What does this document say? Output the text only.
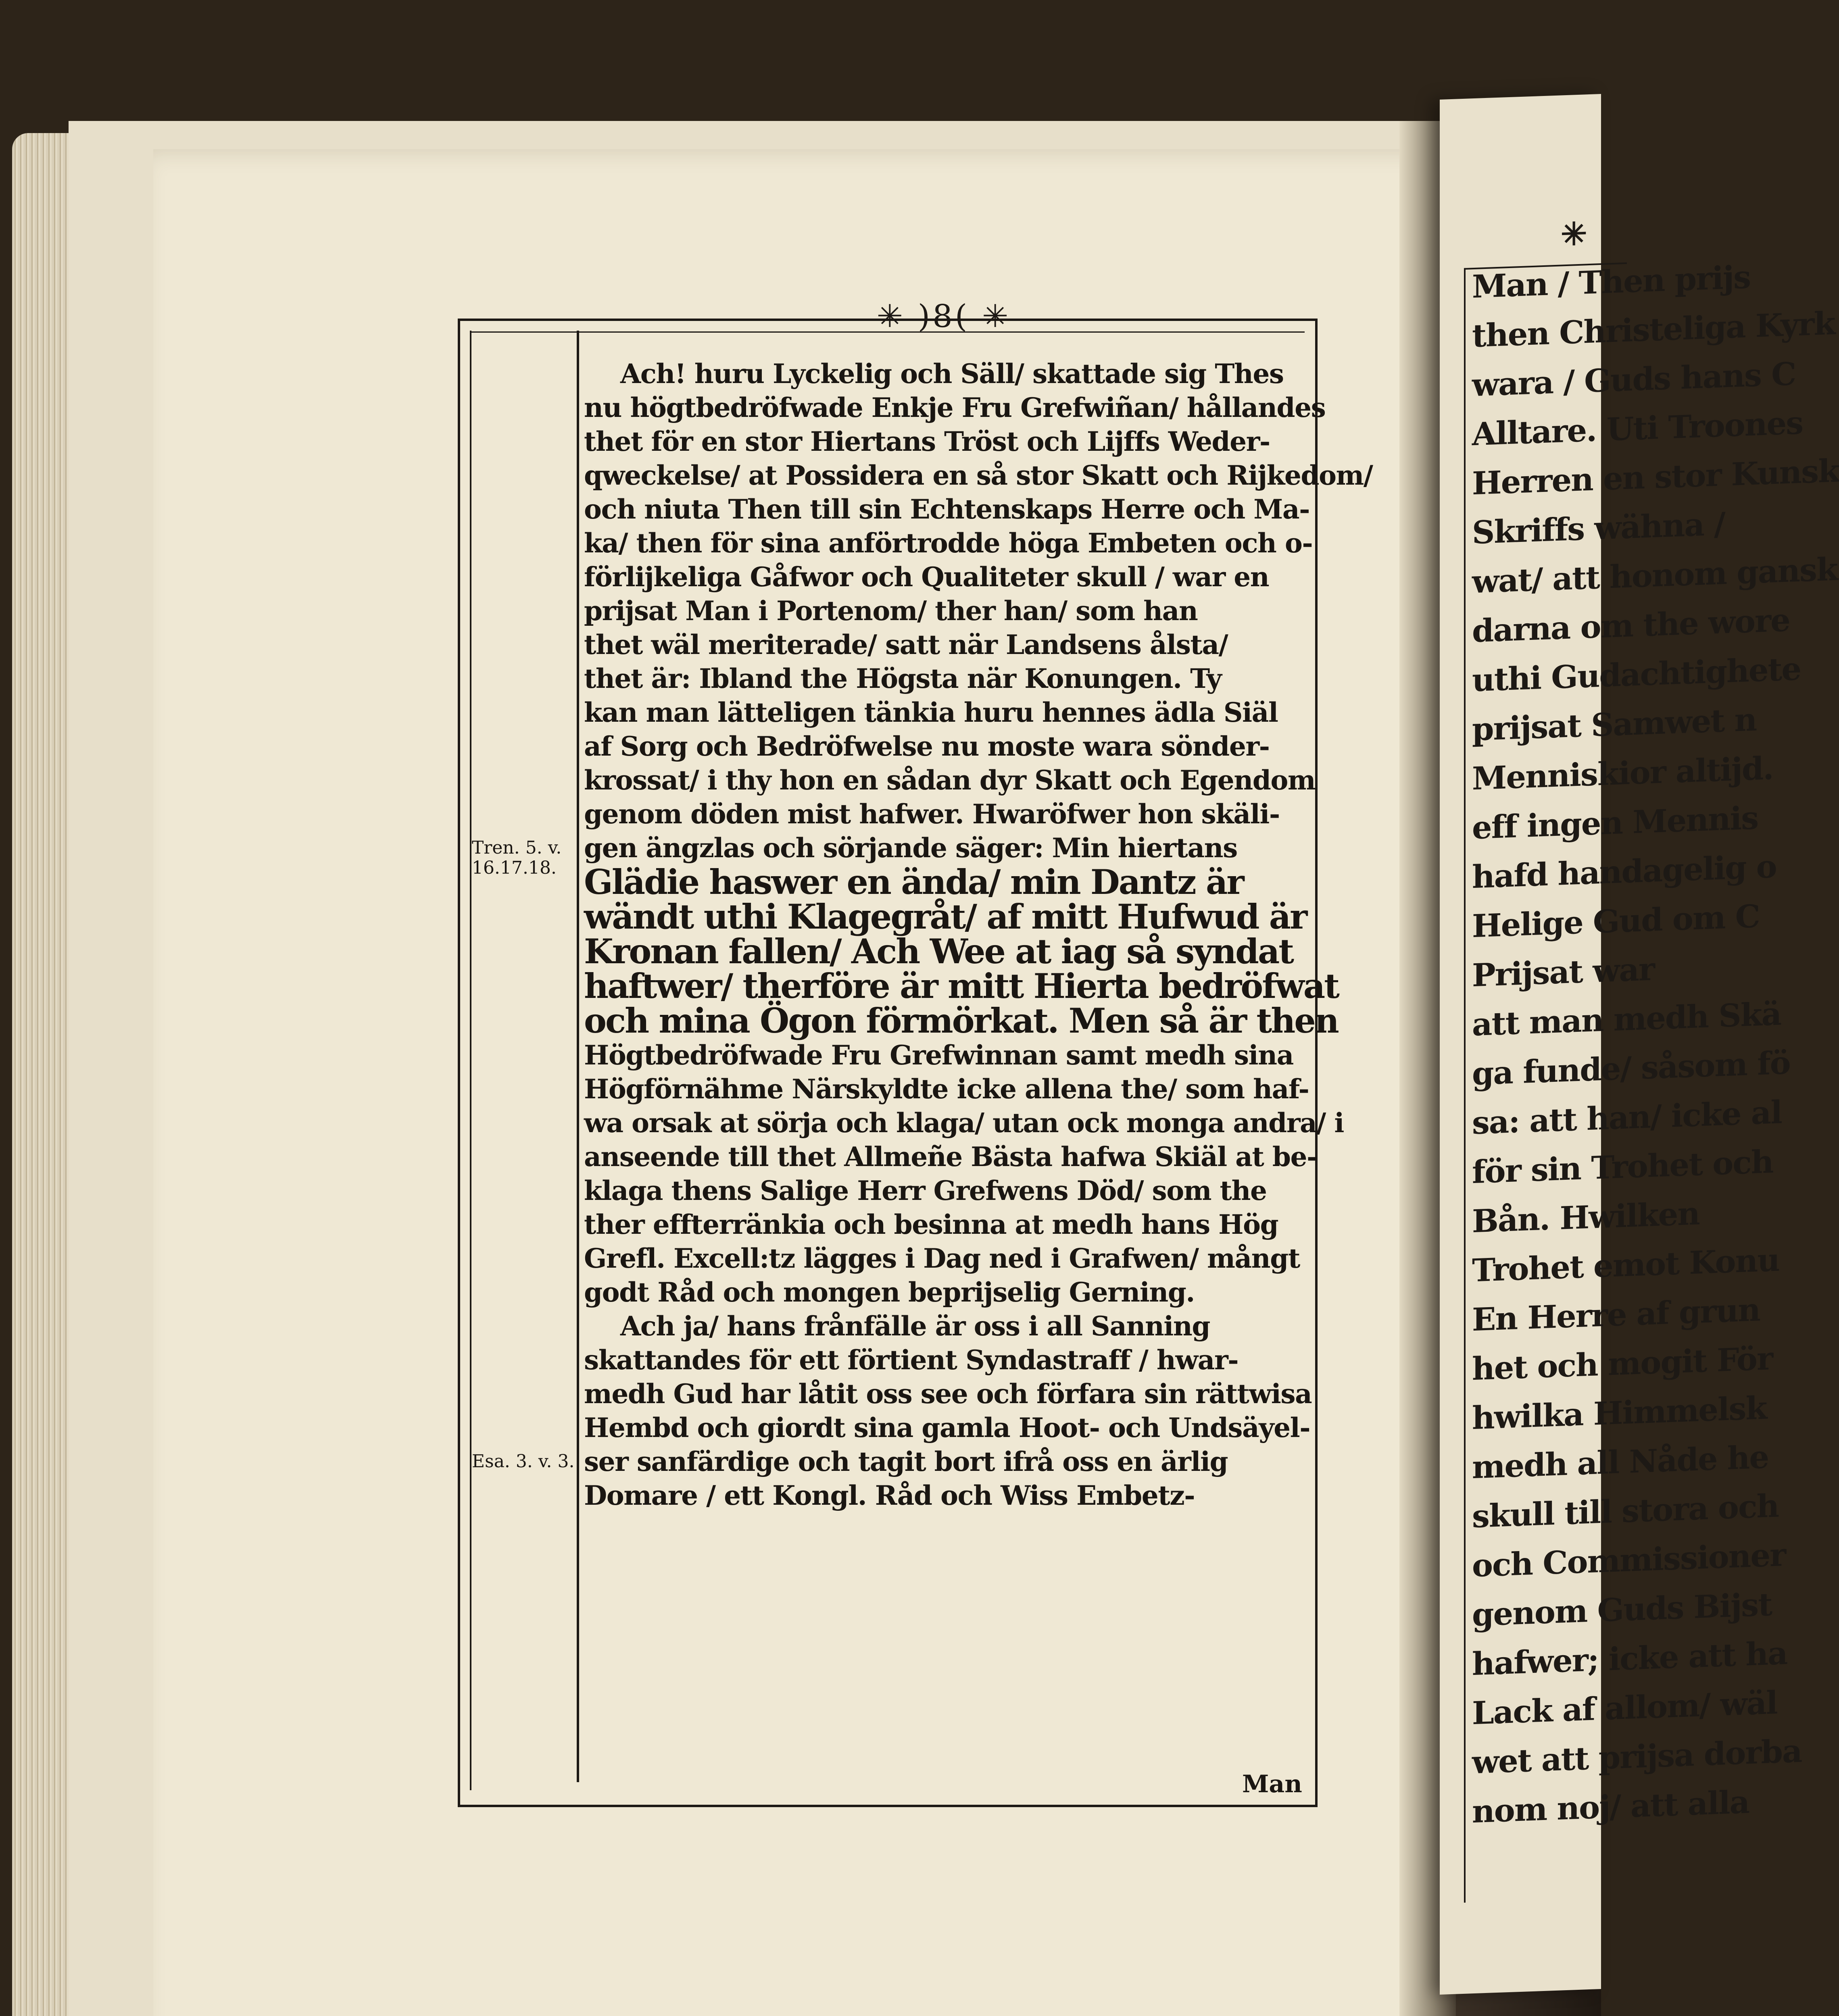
✳
Man / Then prijs
then Christeliga Kyrk
wara / Guds hans C
Alltare. Uti Troones
Herren en stor Kunsk
Skriffs wähna /
wat/ att honom gansk
darna om the wore
uthi Gudachtighete
prijsat Samwet n
Menniskior altijd.
eff ingen Mennis
hafd handagelig o
Helige Gud om C
Prijsat war
att man medh Skä
ga funde/ såsom fö
sa: att han/ icke al
för sin Trohet och
Bån. Hwilken
Trohet emot Konu
En Herre af grun
het och mogit För
hwilka Himmelsk
medh all Nåde he
skull till stora och
och Commissioner
genom Guds Bijst
hafwer; icke att ha
Lack af allom/ wäl
wet att prijsa dorba
nom noj/ att alla
✳ )8( ✳
Ach! huru Lyckelig och Säll/ skattade sig Thes
nu högtbedröfwade Enkje Fru Grefwiñan/ hållandes
thet för en stor Hiertans Tröst och Lijffs Weder-
qweckelse/ at Possidera en så stor Skatt och Rijkedom/
och niuta Then till sin Echtenskaps Herre och Ma-
ka/ then för sina anförtrodde höga Embeten och o-
förlijkeliga Gåfwor och Qualiteter skull / war en
prijsat Man i Portenom/ ther han/ som han
thet wäl meriterade/ satt när Landsens ålsta/
thet är: Ibland the Högsta när Konungen. Ty
kan man lätteligen tänkia huru hennes ädla Siäl
af Sorg och Bedröfwelse nu moste wara sönder-
krossat/ i thy hon en sådan dyr Skatt och Egendom
genom döden mist hafwer. Hwaröfwer hon skäli-
gen ängzlas och sörjande säger: Min hiertans
Glädie haswer en ända/ min Dantz är
wändt uthi Klagegråt/ af mitt Hufwud är
Kronan fallen/ Ach Wee at iag så syndat
haftwer/ therföre är mitt Hierta bedröfwat
och mina Ögon förmörkat. Men så är then
Högtbedröfwade Fru Grefwinnan samt medh sina
Högförnähme Närskyldte icke allena the/ som haf-
wa orsak at sörja och klaga/ utan ock monga andra/ i
anseende till thet Allmeñe Bästa hafwa Skiäl at be-
klaga thens Salige Herr Grefwens Död/ som the
ther effterränkia och besinna at medh hans Hög
Grefl. Excell:tz lägges i Dag ned i Grafwen/ mångt
godt Råd och mongen beprijselig Gerning.
Ach ja/ hans frånfälle är oss i all Sanning
skattandes för ett förtient Syndastraff / hwar-
medh Gud har låtit oss see och förfara sin rättwisa
Hembd och giordt sina gamla Hoot- och Undsäyel-
ser sanfärdige och tagit bort ifrå oss en ärlig
Domare / ett Kongl. Råd och Wiss Embetz-
Tren. 5. v.
16.17.18.
Esa. 3. v. 3.
Man
